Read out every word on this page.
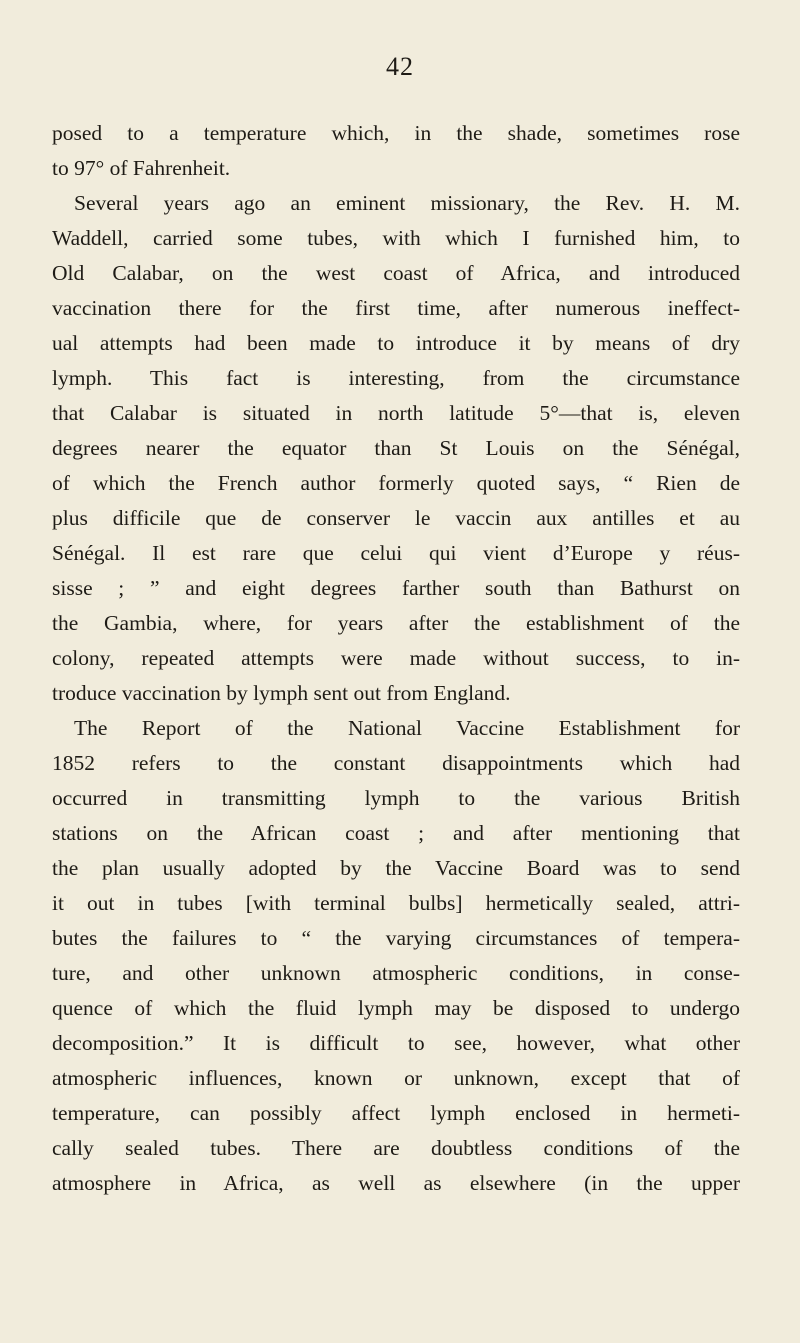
42
posed to a temperature which, in the shade, sometimes rose
to 97° of Fahrenheit.
Several years ago an eminent missionary, the Rev. H. M.
Waddell, carried some tubes, with which I furnished him, to
Old Calabar, on the west coast of Africa, and introduced
vaccination there for the first time, after numerous ineffect-
ual attempts had been made to introduce it by means of dry
lymph. This fact is interesting, from the circumstance
that Calabar is situated in north latitude 5°—that is, eleven
degrees nearer the equator than St Louis on the Sénégal,
of which the French author formerly quoted says, “ Rien de
plus difficile que de conserver le vaccin aux antilles et au
Sénégal. Il est rare que celui qui vient d’Europe y réus-
sisse ; ” and eight degrees farther south than Bathurst on
the Gambia, where, for years after the establishment of the
colony, repeated attempts were made without success, to in-
troduce vaccination by lymph sent out from England.
The Report of the National Vaccine Establishment for
1852 refers to the constant disappointments which had
occurred in transmitting lymph to the various British
stations on the African coast ; and after mentioning that
the plan usually adopted by the Vaccine Board was to send
it out in tubes [with terminal bulbs] hermetically sealed, attri-
butes the failures to “ the varying circumstances of tempera-
ture, and other unknown atmospheric conditions, in conse-
quence of which the fluid lymph may be disposed to undergo
decomposition.” It is difficult to see, however, what other
atmospheric influences, known or unknown, except that of
temperature, can possibly affect lymph enclosed in hermeti-
cally sealed tubes. There are doubtless conditions of the
atmosphere in Africa, as well as elsewhere (in the upper
